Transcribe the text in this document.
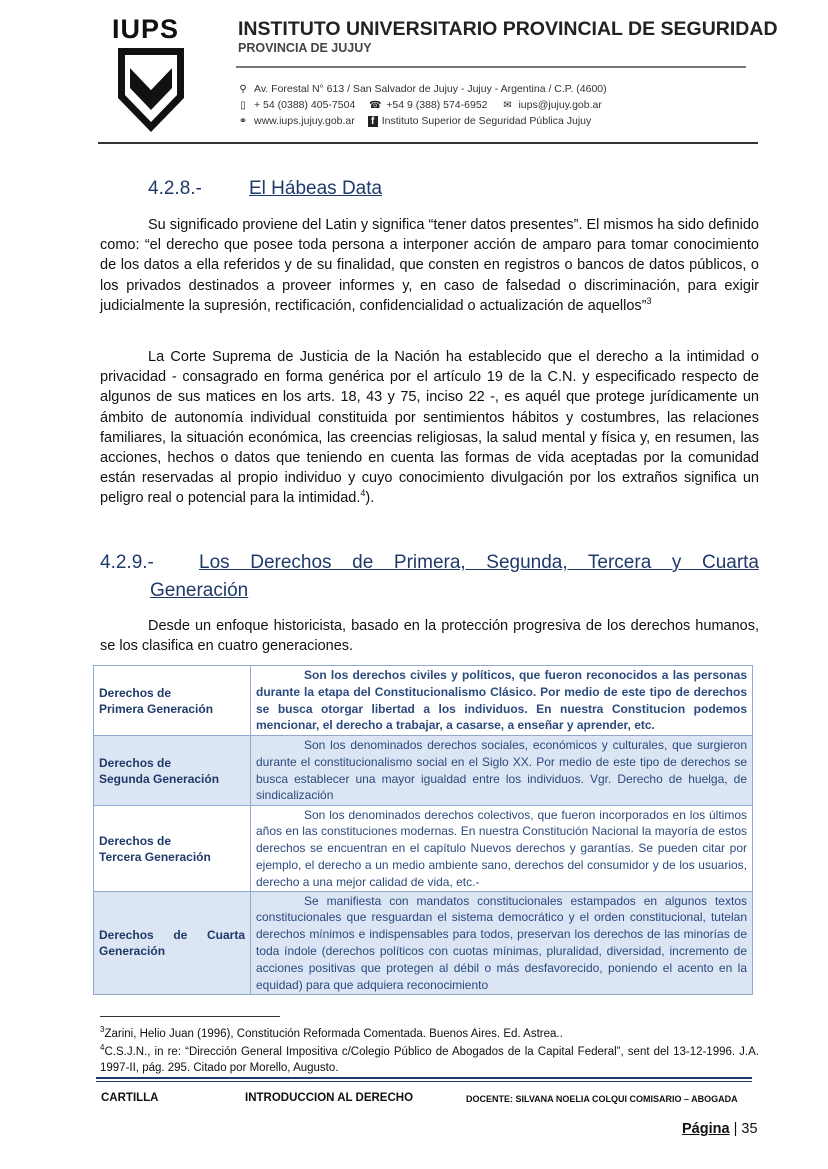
IUPS	INSTITUTO UNIVERSITARIO PROVINCIAL DE SEGURIDAD
PROVINCIA DE JUJUY
⚲ Av. Forestal N° 613 / San Salvador de Jujuy - Jujuy - Argentina / C.P. (4600)
▯ + 54 (0388) 405-7504 ☎ +54 9 (388) 574-6952 ✉ iups@jujuy.gob.ar
⚭ www.iups.jujuy.gob.ar f Instituto Superior de Seguridad Pública Jujuy
4.2.8.- El Hábeas Data
Su significado proviene del Latin y significa “tener datos presentes”. El mismos ha sido definido como: “el derecho que posee toda persona a interponer acción de amparo para tomar conocimiento de los datos a ella referidos y de su finalidad, que consten en registros o bancos de datos públicos, o los privados destinados a proveer informes y, en caso de falsedad o discriminación, para exigir judicialmente la supresión, rectificación, confidencialidad o actualización de aquellos”$^3$
La Corte Suprema de Justicia de la Nación ha establecido que el derecho a la intimidad o privacidad - consagrado en forma genérica por el artículo 19 de la C.N. y especificado respecto de algunos de sus matices en los arts. 18, 43 y 75, inciso 22 -, es aquél que protege jurídicamente un ámbito de autonomía individual constituida por sentimientos hábitos y costumbres, las relaciones familiares, la situación económica, las creencias religiosas, la salud mental y física y, en resumen, las acciones, hechos o datos que teniendo en cuenta las formas de vida aceptadas por la comunidad están reservadas al propio individuo y cuyo conocimiento divulgación por los extraños significa un peligro real o potencial para la intimidad.$^4$).
4.2.9.- Los Derechos de Primera, Segunda, Tercera y Cuarta
Generación
Desde un enfoque historicista, basado en la protección progresiva de los derechos humanos, se los clasifica en cuatro generaciones.
Derechos de
Primera Generación	Son los derechos civiles y políticos, que fueron reconocidos a las personas durante la etapa del Constitucionalismo Clásico. Por medio de este tipo de derechos se busca otorgar libertad a los individuos. En nuestra Constitucion podemos mencionar, el derecho a trabajar, a casarse, a enseñar y aprender, etc.
Derechos de
Segunda Generación	Son los denominados derechos sociales, económicos y culturales, que surgieron durante el constitucionalismo social en el Siglo XX. Por medio de este tipo de derechos se busca establecer una mayor igualdad entre los individuos. Vgr. Derecho de huelga, de sindicalización
Derechos de
Tercera Generación	Son los denominados derechos colectivos, que fueron incorporados en los últimos años en las constituciones modernas. En nuestra Constitución Nacional la mayoría de estos derechos se encuentran en el capítulo Nuevos derechos y garantías. Se pueden citar por ejemplo, el derecho a un medio ambiente sano, derechos del consumidor y de los usuarios, derecho a una mejor calidad de vida, etc.-

Derechos de Cuarta
Generación	Se manifiesta con mandatos constitucionales estampados en algunos textos constitucionales que resguardan el sistema democrático y el orden constitucional, tutelan derechos mínimos e indispensables para todos, preservan los derechos de las minorías de toda índole (derechos políticos con cuotas mínimas, pluralidad, diversidad, incremento de acciones positivas que protegen al débil o más desfavorecido, poniendo el acento en la equidad) para que adquiera reconocimiento
$^3$Zarini, Helio Juan (1996), Constitución Reformada Comentada. Buenos Aires. Ed. Astrea..
$^4$C.S.J.N., in re: “Dirección General Impositiva c/Colegio Público de Abogados de la Capital Federal”, sent del 13-12-1996. J.A. 1997-II, pág. 295. Citado por Morello, Augusto.
CARTILLA	INTRODUCCION AL DERECHO	DOCENTE: SILVANA NOELIA COLQUI COMISARIO – ABOGADA
Página | 35
